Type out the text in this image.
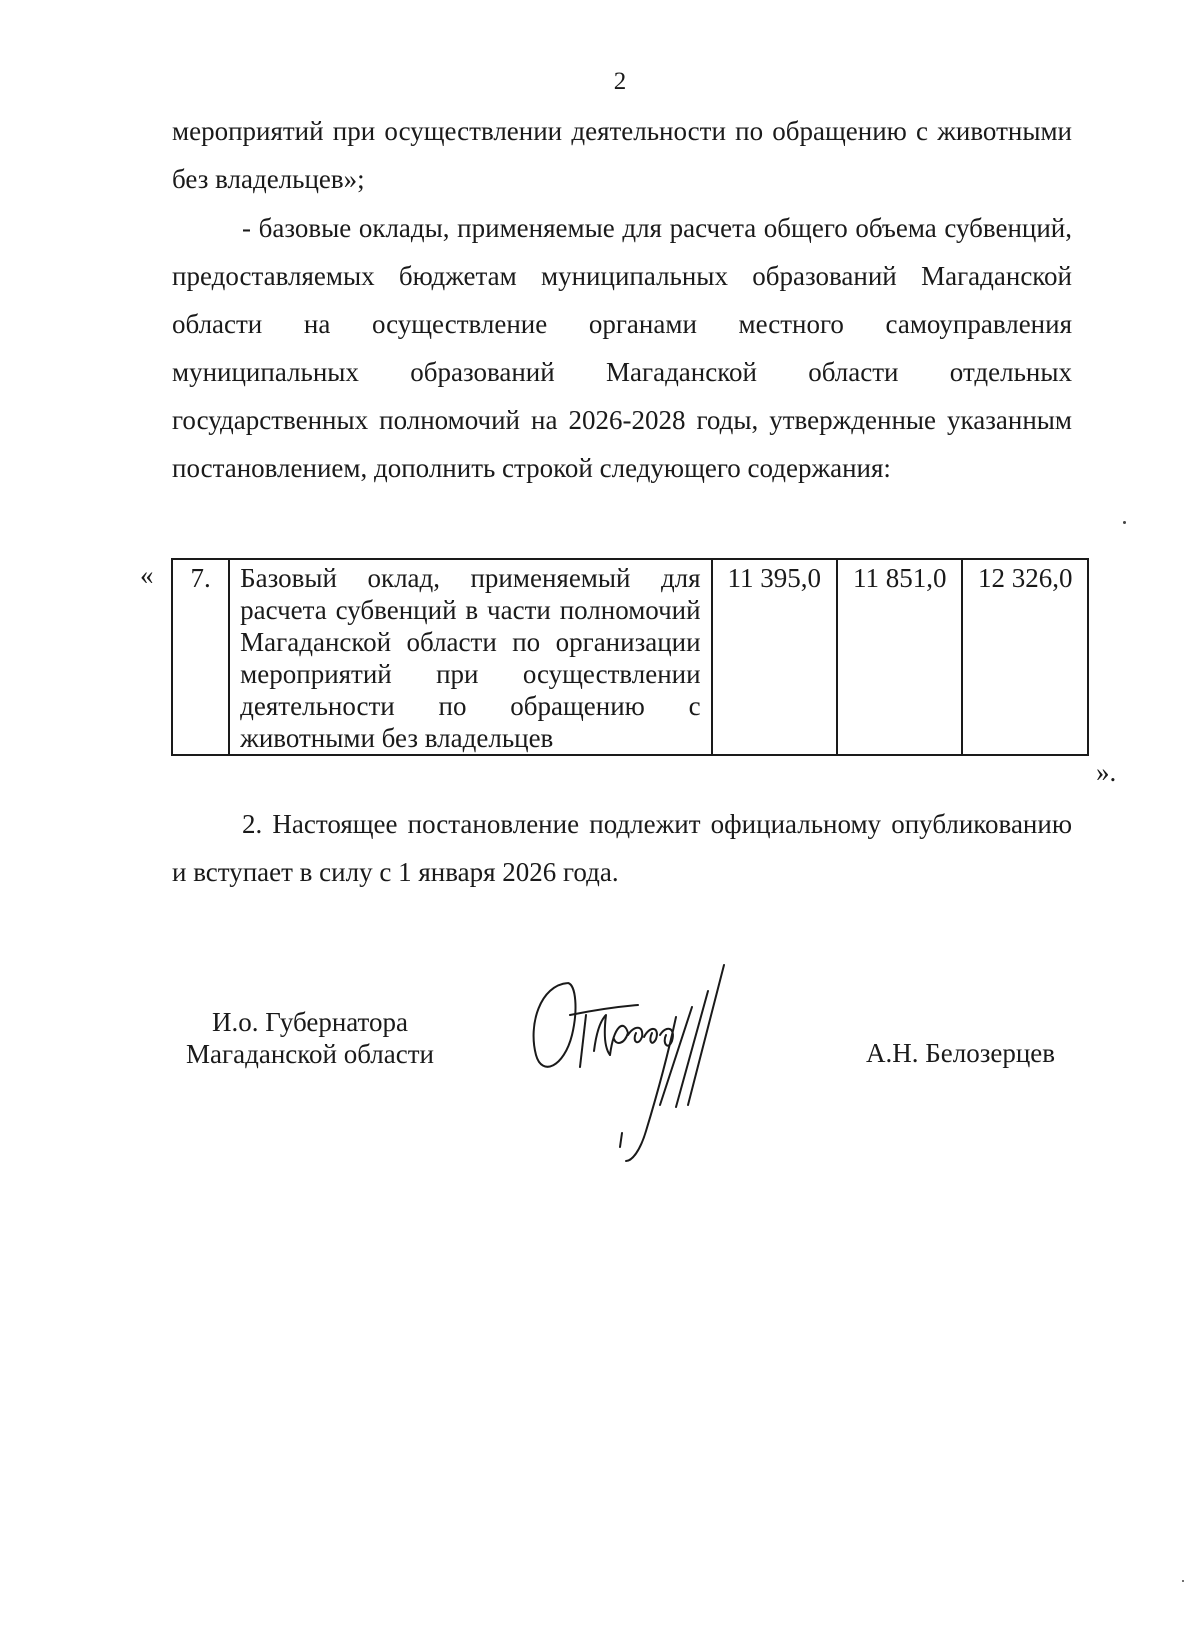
2

мероприятий при осуществлении деятельности по обращению с животными без владельцев»;

- базовые оклады, применяемые для расчета общего объема субвенций, предоставляемых бюджетам муниципальных образований Магаданской области на осуществление органами местного самоуправления муниципальных образований Магаданской области отдельных государственных полномочий на 2026-2028 годы, утвержденные указанным постановлением, дополнить строкой следующего содержания:

« 7.	Базовый оклад, применяемый для расчета субвенций в части полномочий Магаданской области по организации мероприятий при осуществлении деятельности по обращению с животными без владельцев	11 395,0	11 851,0	12 326,0
».

2. Настоящее постановление подлежит официальному опубликованию и вступает в силу с 1 января 2026 года.

И.о. Губернатора
Магаданской области	А.Н. Белозерцев
